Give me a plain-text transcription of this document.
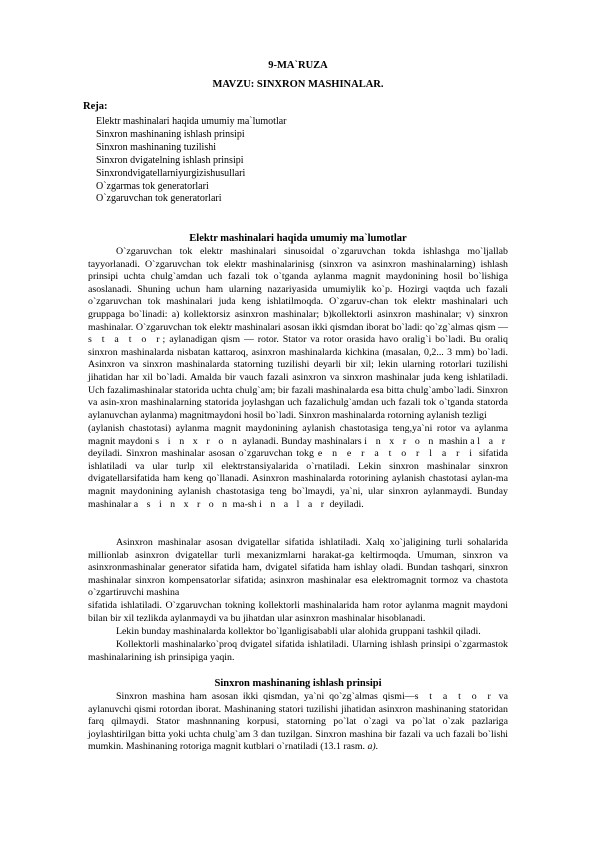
9-MA`RUZA
MAVZU: SINXRON MASHINALAR.
Reja:
Elektr mashinalari haqida umumiy ma`lumotlar
Sinxron mashinaning ishlash prinsipi
Sinxron mashinaning tuzilishi
Sinxron dvigatelning ishlash prinsipi
Sinxrondvigatellarniyurgizishusullari
O`zgarmas tok generatorlari
O`zgaruvchan tok generatorlari
Elektr mashinalari haqida umumiy ma`lumotlar

O`zgaruvchan tok elektr mashinalari sinusoidal o`zgaruvchan tokda ishlashga mo`ljallab tayyorlanadi. O`zgaruvchan tok elektr mashinalarinisg (sinxron va asinxron mashinalarning) ishlash prinsipi uchta chulg`amdan uch fazali tok o`tganda aylanma magnit maydonining hosil bo`lishiga asoslanadi. Shuning uchun ham ularning nazariyasida umumiylik ko`p. Hozirgi vaqtda uch fazali o`zgaruvchan tok mashinalari juda keng ishlatilmoqda. O`zgaruv-chan tok elektr mashinalari uch gruppaga bo`linadi: a) kollektorsiz asinxron mashinalar; b)kollektorli asinxron mashinalar; v) sinxron mashinalar. O`zgaruvchan tok elektr mashinalari asosan ikki qismdan iborat bo`ladi: qo`zg`almas qism — s t a t o r; aylanadigan qism — rotor. Stator va rotor orasida havo oralig`i bo`ladi. Bu oraliq sinxron mashinalarda nisbatan kattaroq, asinxron mashinalarda kichkina (masalan, 0,2... 3 mm) bo`ladi. Asinxron va sinxron mashinalarda statorning tuzilishi deyarli bir xil; lekin ularning rotorlari tuzilishi jihatidan har xil bo`ladi. Amalda bir vauch fazali asinxron va sinxron mashinalar juda keng ishlatiladi. Uch fazalimashinalar statorida uchta chulg`am; bir fazali mashinalarda esa bitta chulg`ambo`ladi. Sinxron va asin-xron mashinalarning statorida joylashgan uch fazalichulg`amdan uch fazali tok o`tganda statorda aylanuvchan aylanma) magnitmaydoni hosil bo`ladi. Sinxron mashinalarda rotorning aylanish tezligi

(aylanish chastotasi) aylanma magnit maydonining aylanish chastotasiga teng,ya`ni rotor va aylanma magnit maydoni s i n x r o n aylanadi. Bunday mashinalars i n x r o n mashin a l a r deyiladi. Sinxron mashinalar asosan o`zgaruvchan tokg e n e r a t o r l a r i sifatida ishlatiladi va ular turlp xil elektrstansiyalarida o`rnatiladi. Lekin sinxron mashinalar sinxron dvigatellarsifatida ham keng qo`llanadi. Asinxron mashinalarda rotorining aylanish chastotasi aylan-ma magnit maydonining aylanish chastotasiga teng bo`lmaydi, ya`ni, ular sinxron aylanmaydi. Bunday mashinalar a s i n x r o n ma-sh i n a l a r deyiladi.

Asinxron mashinalar asosan dvigatellar sifatida ishlatiladi. Xalq xo`jaligining turli sohalarida millionlab asinxron dvigatellar turli mexanizmlarni harakat-ga keltirmoqda. Umuman, sinxron va asinxronmashinalar generator sifatida ham, dvigatel sifatida ham ishlay oladi. Bundan tashqari, sinxron mashinalar sinxron kompensatorlar sifatida; asinxron mashinalar esa elektromagnit tormoz va chastota o`zgartiruvchi mashina

sifatida ishlatiladi. O`zgaruvchan tokning kollektorli mashinalarida ham rotor aylanma magnit maydoni bilan bir xil tezlikda aylanmaydi va bu jihatdan ular asinxron mashinalar hisoblanadi.

Lekin bunday mashinalarda kollektor bo`lganligisababli ular alohida gruppani tashkil qiladi.

Kollektorli mashinalarko`proq dvigatel sifatida ishlatiladi. Ularning ishlash prinsipi o`zgarmastok mashinalarining ish prinsipiga yaqin.

Sinxron mashinaning ishlash prinsipi

Sinxron mashina ham asosan ikki qismdan, ya`ni qo`zg`almas qismi—s t a t o r va aylanuvchi qismi rotordan iborat. Mashinaning statori tuzilishi jihatidan asinxron mashinaning statoridan farq qilmaydi. Stator mashnnaning korpusi, statorning po`lat o`zagi va po`lat o`zak pazlariga joylashtirilgan bitta yoki uchta chulg`am 3 dan tuzilgan. Sinxron mashina bir fazali va uch fazali bo`lishi mumkin. Mashinaning rotoriga magnit kutblari o`rnatiladi (13.1 rasm. a).
